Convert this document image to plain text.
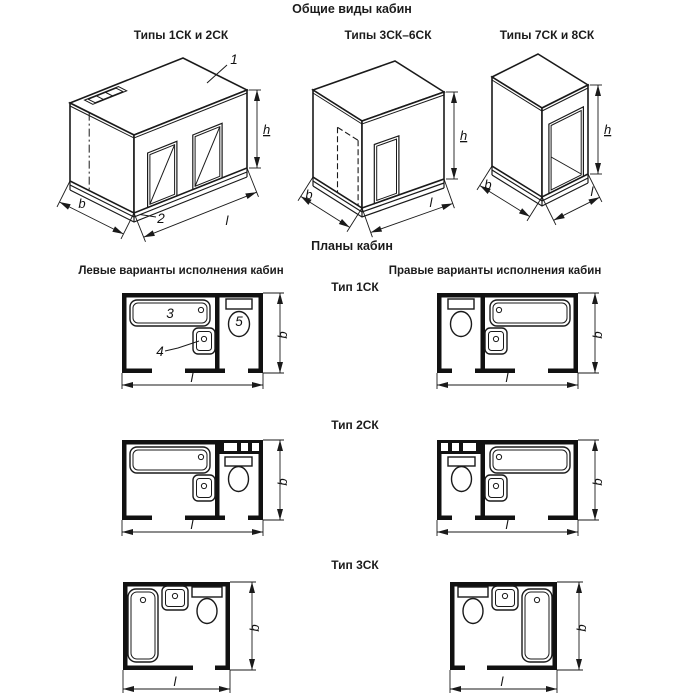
Общие виды кабин
Типы 1СК и 2СК	Типы 3СК–6СК	Типы 7СК и 8СК
Планы кабин
Левые варианты исполнения кабин	Правые варианты исполнения кабин
Тип 1СК
Тип 2СК
Тип 3СК
1
2
h
b
l
h
b
l
h
b	l
3
4
5
b
l
b
l
b
l
b
l
b
l
b
l
